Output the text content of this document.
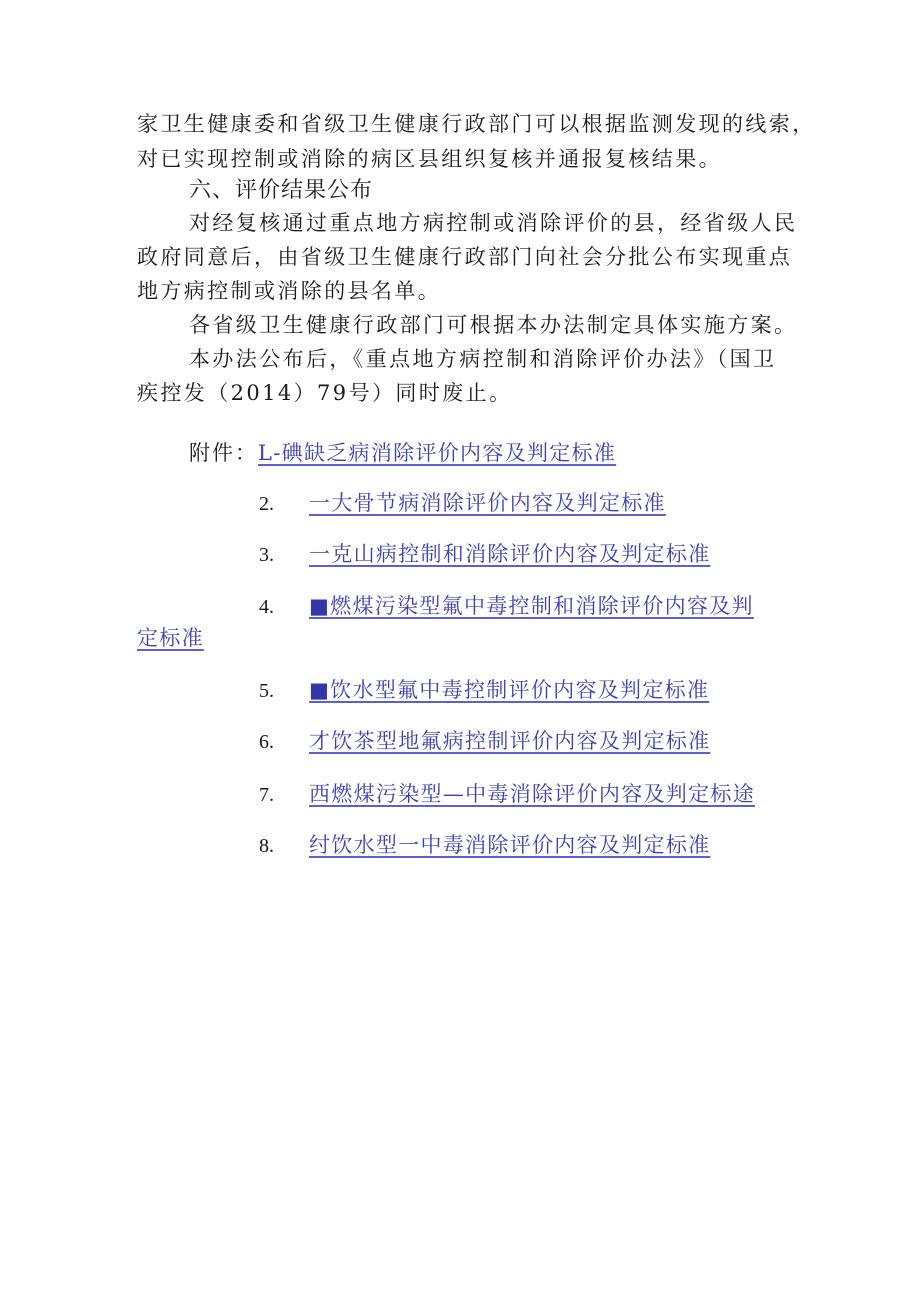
家卫生健康委和省级卫生健康行政部门可以根据监测发现的线索，
对已实现控制或消除的病区县组织复核并通报复核结果。
六、评价结果公布
对经复核通过重点地方病控制或消除评价的县，经省级人民
政府同意后，由省级卫生健康行政部门向社会分批公布实现重点
地方病控制或消除的县名单。
各省级卫生健康行政部门可根据本办法制定具体实施方案。
本办法公布后，《重点地方病控制和消除评价办法》（国卫
疾控发（2014）79号）同时废止。
附件：L-碘缺乏病消除评价内容及判定标准
2. 一大骨节病消除评价内容及判定标准
3. 一克山病控制和消除评价内容及判定标准
4. ■燃煤污染型氟中毒控制和消除评价内容及判
定标准
5. ■饮水型氟中毒控制评价内容及判定标准
6. 才饮茶型地氟病控制评价内容及判定标准
7. 西燃煤污染型—中毒消除评价内容及判定标途
8. 纣饮水型一中毒消除评价内容及判定标准
